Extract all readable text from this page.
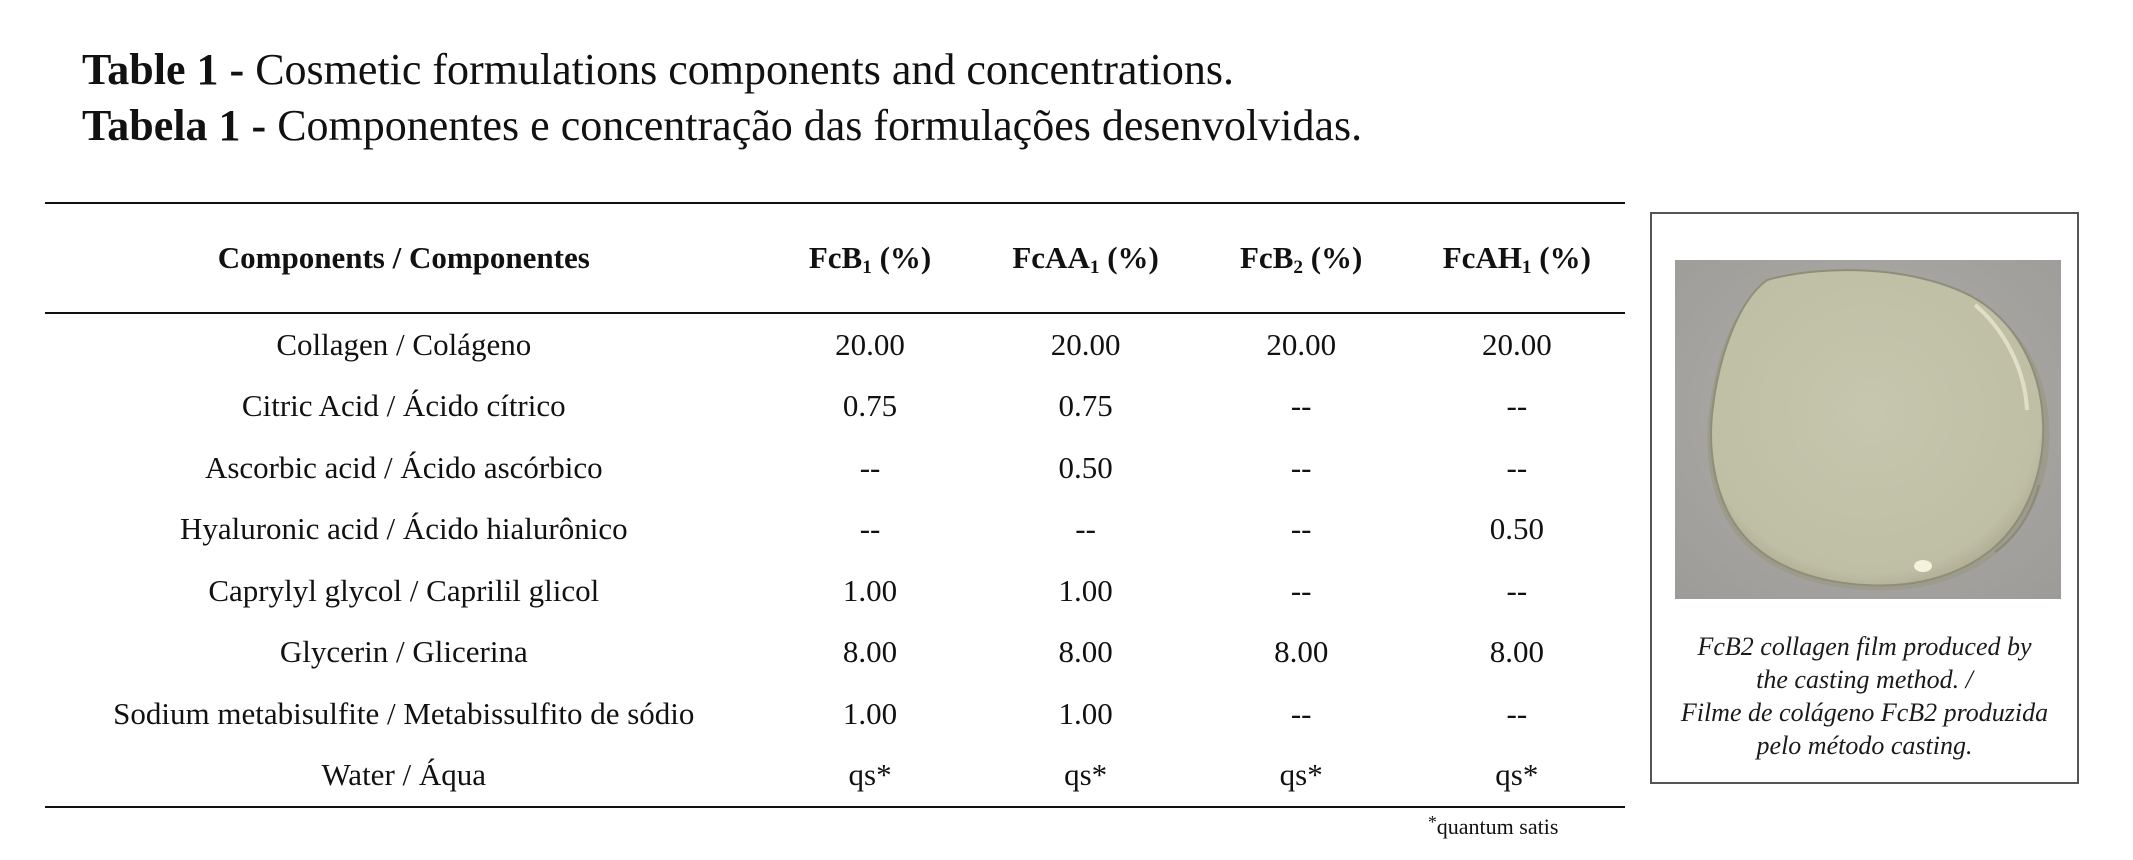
Table 1 - Cosmetic formulations components and concentrations.
Tabela 1 - Componentes e concentração das formulações desenvolvidas.
Components / Componentes	FcB$_1$ (%)	FcAA$_1$ (%)	FcB$_2$ (%)	FcAH$_1$ (%)
Collagen / Colágeno	20.00	20.00	20.00	20.00
Citric Acid / Ácido cítrico	0.75	0.75	--	--
Ascorbic acid / Ácido ascórbico	--	0.50	--	--
Hyaluronic acid / Ácido hialurônico	--	--	--	0.50
Caprylyl glycol / Caprilil glicol	1.00	1.00	--	--
Glycerin / Glicerina	8.00	8.00	8.00	8.00
Sodium metabisulfite / Metabissulfito de sódio	1.00	1.00	--	--
Water / Áqua	qs*	qs*	qs*	qs*
*quantum satis
FcB2 collagen film produced by
the casting method. /
Filme de colágeno FcB2 produzida
pelo método casting.
